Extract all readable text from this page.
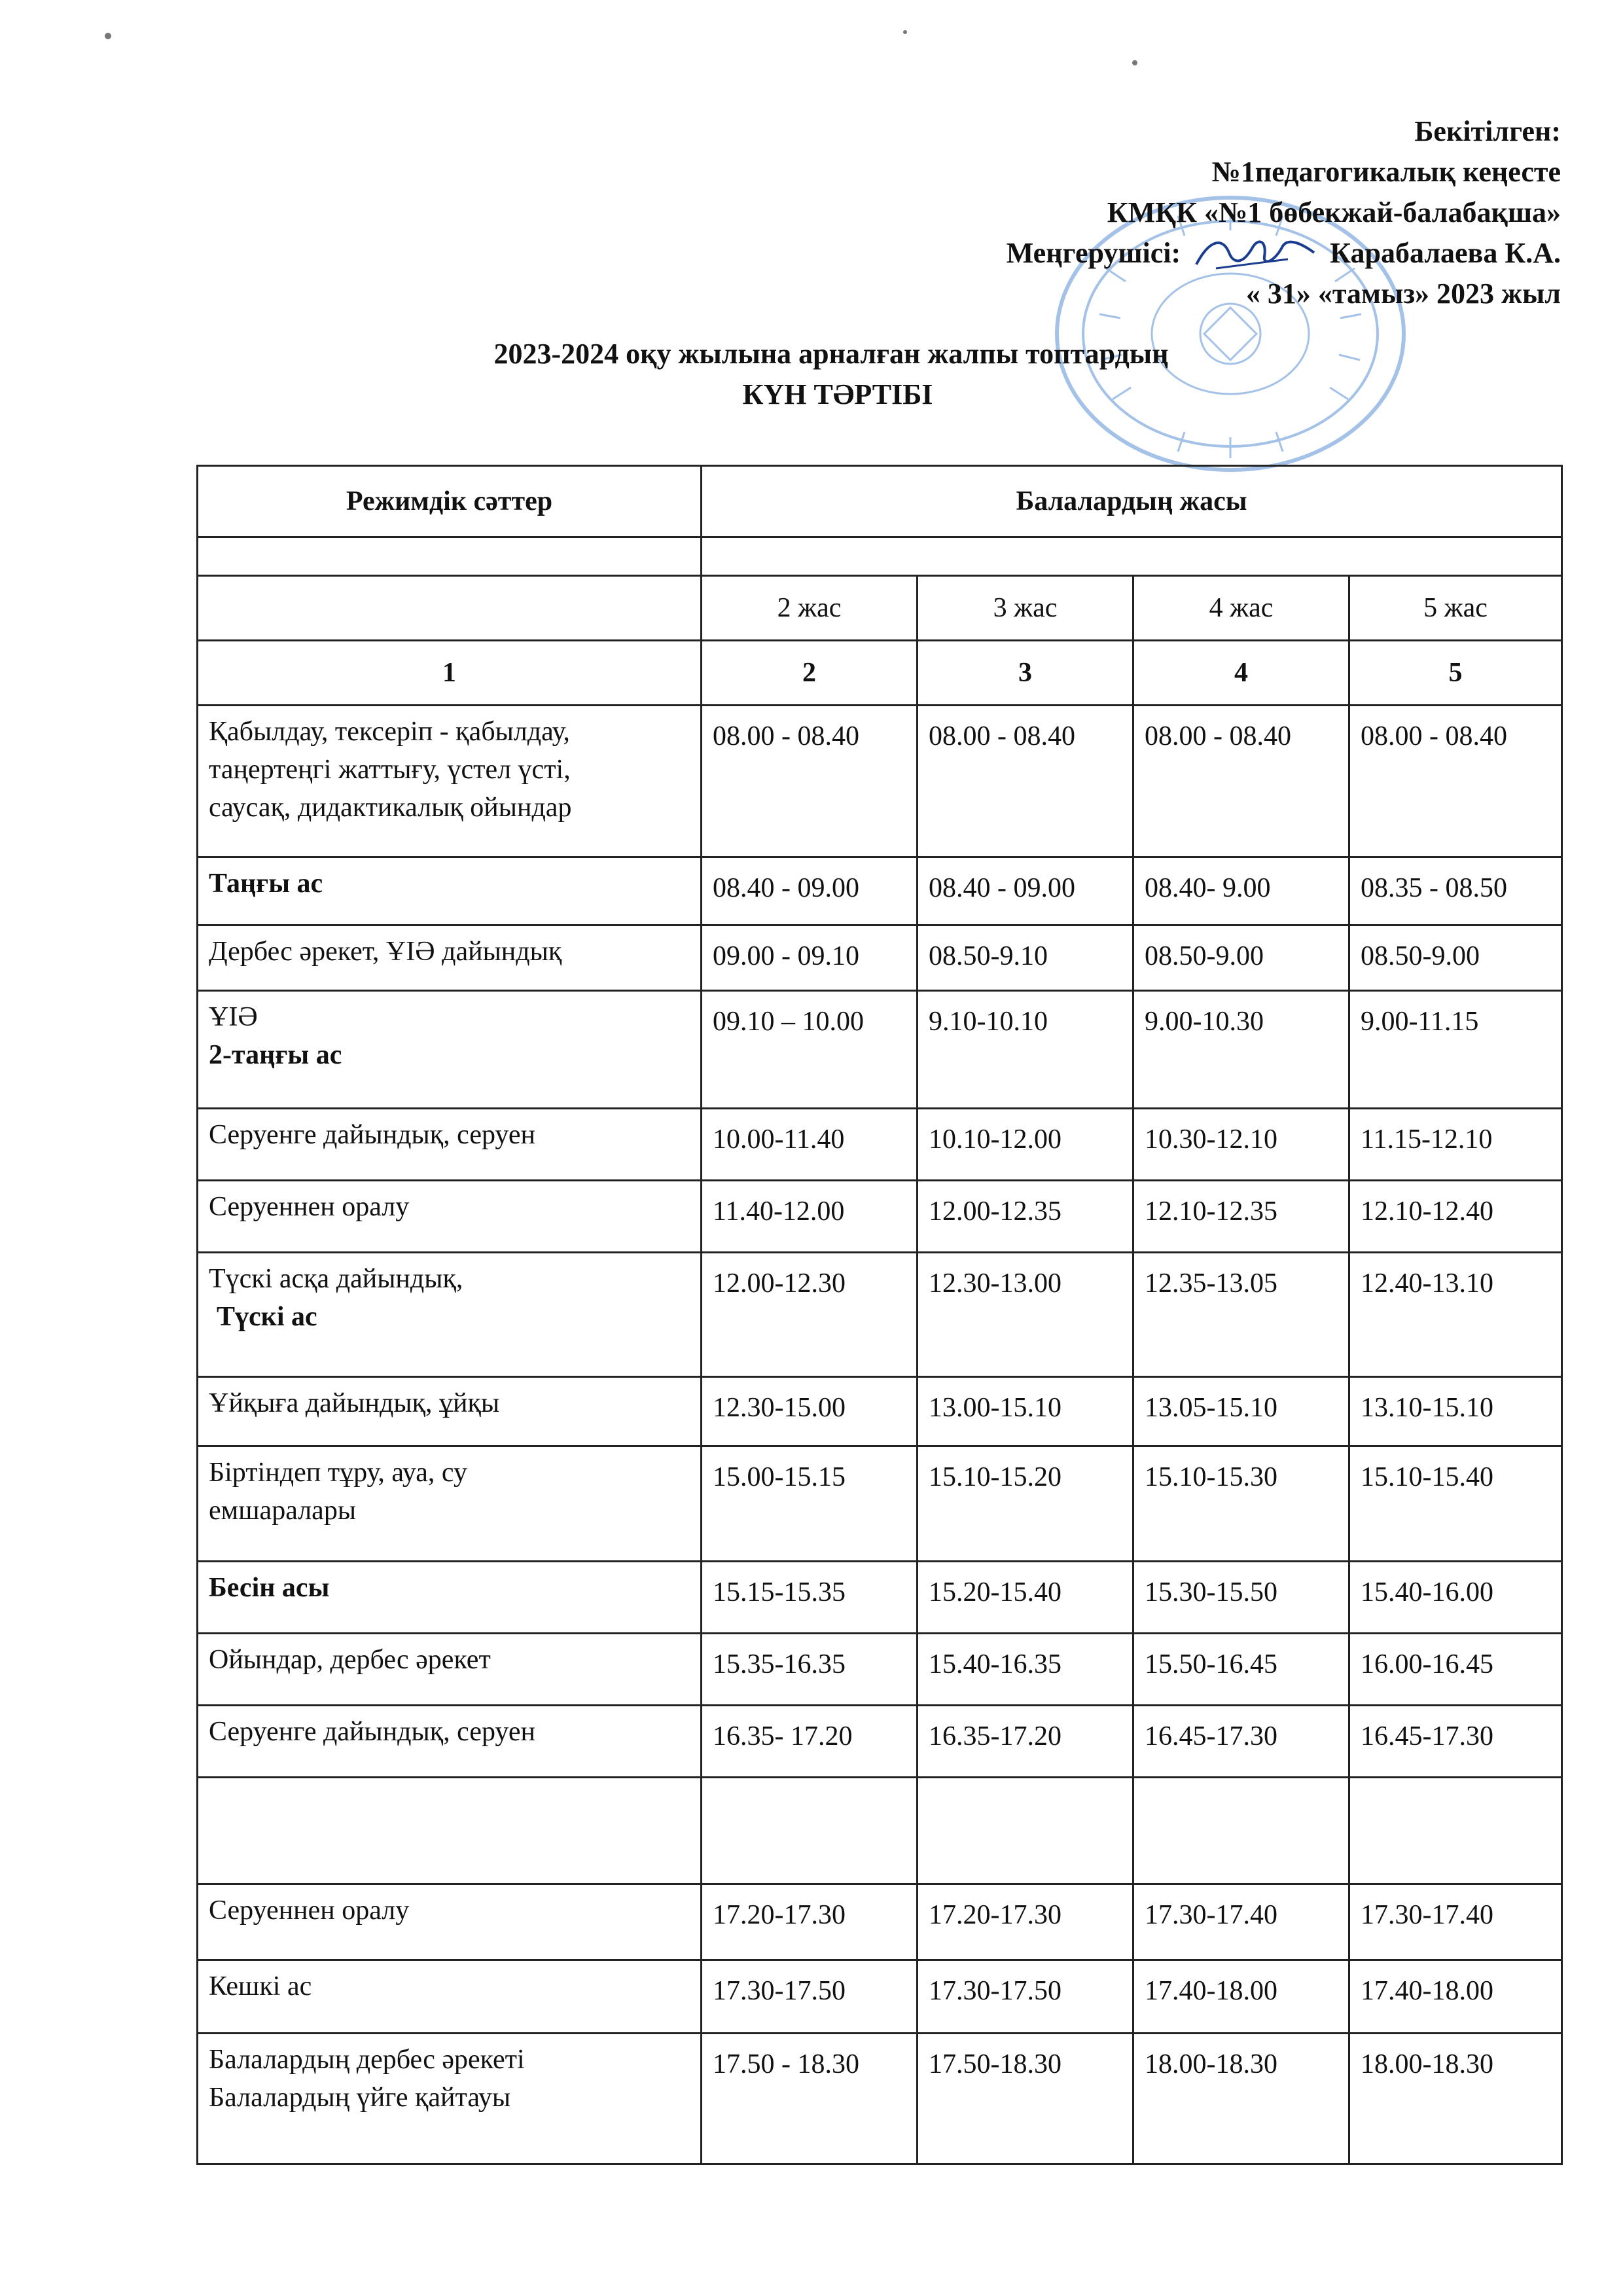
Бекітілген:
№1педагогикалық кеңесте
КМҚК «№1 бөбекжай-балабақша»
Меңгерушісі:	Карабалаева К.А.
« 31» «тамыз» 2023 жыл
2023-2024 оқу жылына арналған жалпы топтардың
КҮН ТӘРТІБІ
Режимдік сәттер	Балалардың жасы			

	2 жас	3 жас	4 жас	5 жас
1	2	3	4	5

Қабылдау, тексеріп - қабылдау,
таңертеңгі жаттығу, үстел үсті,
саусақ, дидактикалық ойындар	08.00 - 08.40	08.00 - 08.40	08.00 - 08.40	08.00 - 08.40
Таңғы ас	08.40 - 09.00	08.40 - 09.00	08.40- 9.00	08.35 - 08.50
Дербес әрекет, ҰІӘ дайындық	09.00 - 09.10	08.50-9.10	08.50-9.00	08.50-9.00

ҰІӘ
2-таңғы ас	09.10 – 10.00	9.10-10.10	9.00-10.30	9.00-11.15
Серуенге дайындық, серуен	10.00-11.40	10.10-12.00	10.30-12.10	11.15-12.10
Серуеннен оралу	11.40-12.00	12.00-12.35	12.10-12.35	12.10-12.40

Түскі асқа дайындық,
Түскі ас	12.00-12.30	12.30-13.00	12.35-13.05	12.40-13.10
Ұйқыға дайындық, ұйқы	12.30-15.00	13.00-15.10	13.05-15.10	13.10-15.10

Біртіндеп тұру, ауа, су
емшаралары	15.00-15.15	15.10-15.20	15.10-15.30	15.10-15.40
Бесін асы	15.15-15.35	15.20-15.40	15.30-15.50	15.40-16.00
Ойындар, дербес әрекет	15.35-16.35	15.40-16.35	15.50-16.45	16.00-16.45
Серуенге дайындық, серуен	16.35- 17.20	16.35-17.20	16.45-17.30	16.45-17.30

Серуеннен оралу	17.20-17.30	17.20-17.30	17.30-17.40	17.30-17.40
Кешкі ас	17.30-17.50	17.30-17.50	17.40-18.00	17.40-18.00

Балалардың дербес әрекеті
Балалардың үйге қайтауы	17.50 - 18.30	17.50-18.30	18.00-18.30	18.00-18.30
